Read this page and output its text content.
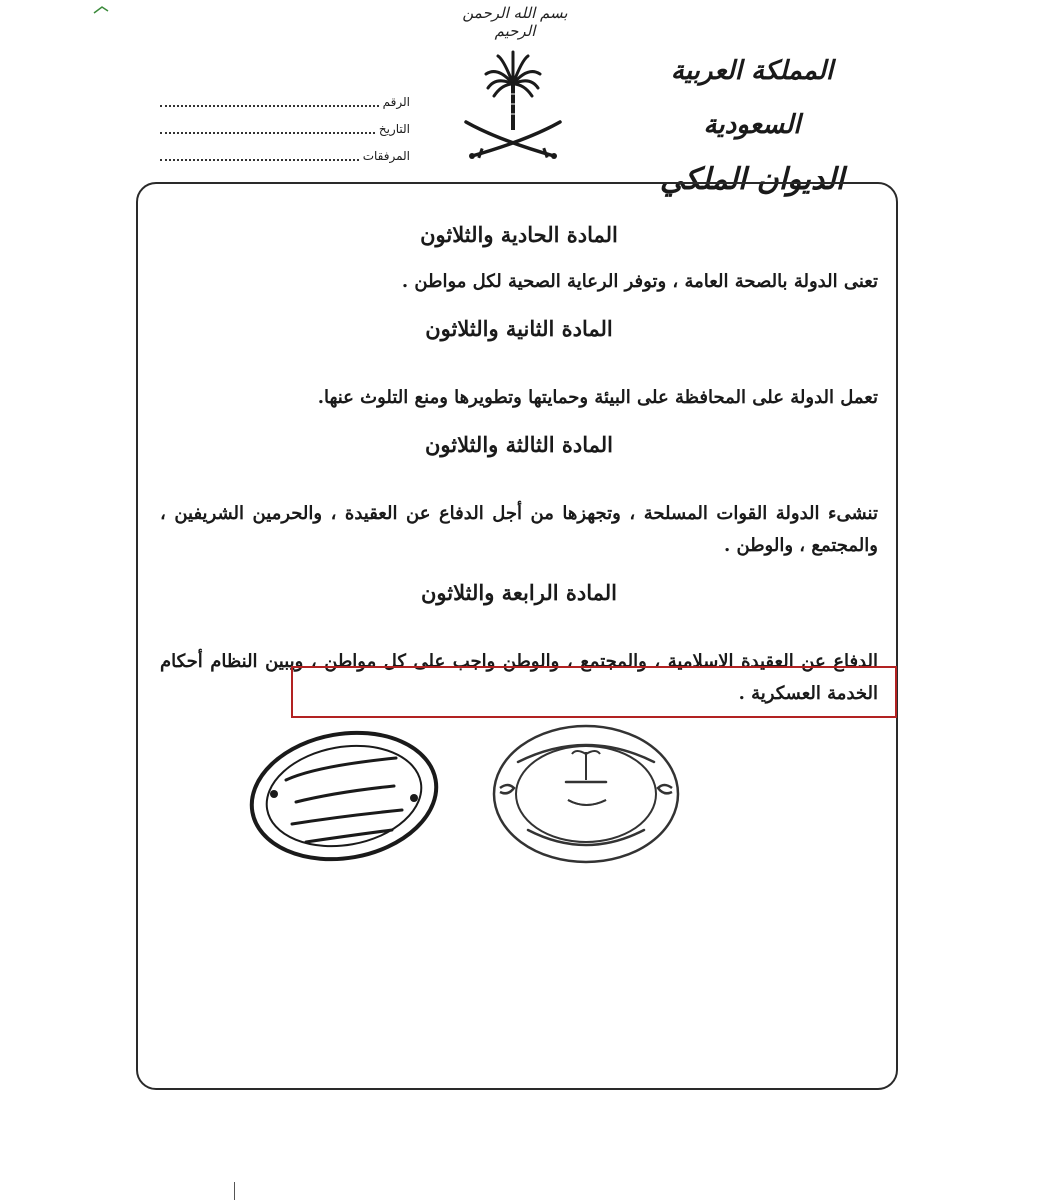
بسم الله الرحمن الرحيم
المملكة العربية السعودية
الديوان الملكي
الرقم
التاريخ
المرفقات
المادة الحادية والثلاثون

تعنى الدولة بالصحة العامة ، وتوفر الرعاية الصحية لكل مواطن .

المادة الثانية والثلاثون

تعمل الدولة على المحافظة على البيئة وحمايتها وتطويرها ومنع التلوث عنها.

المادة الثالثة والثلاثون

تنشىء الدولة القوات المسلحة ، وتجهزها من أجل الدفاع عن العقيدة ، والحرمين الشريفين ، والمجتمع ، والوطن .

المادة الرابعة والثلاثون

الدفاع عن العقيدة الاسلامية ، والمجتمع ، والوطن واجب على كل مواطن ، ويبين النظام أحكام الخدمة العسكرية .
